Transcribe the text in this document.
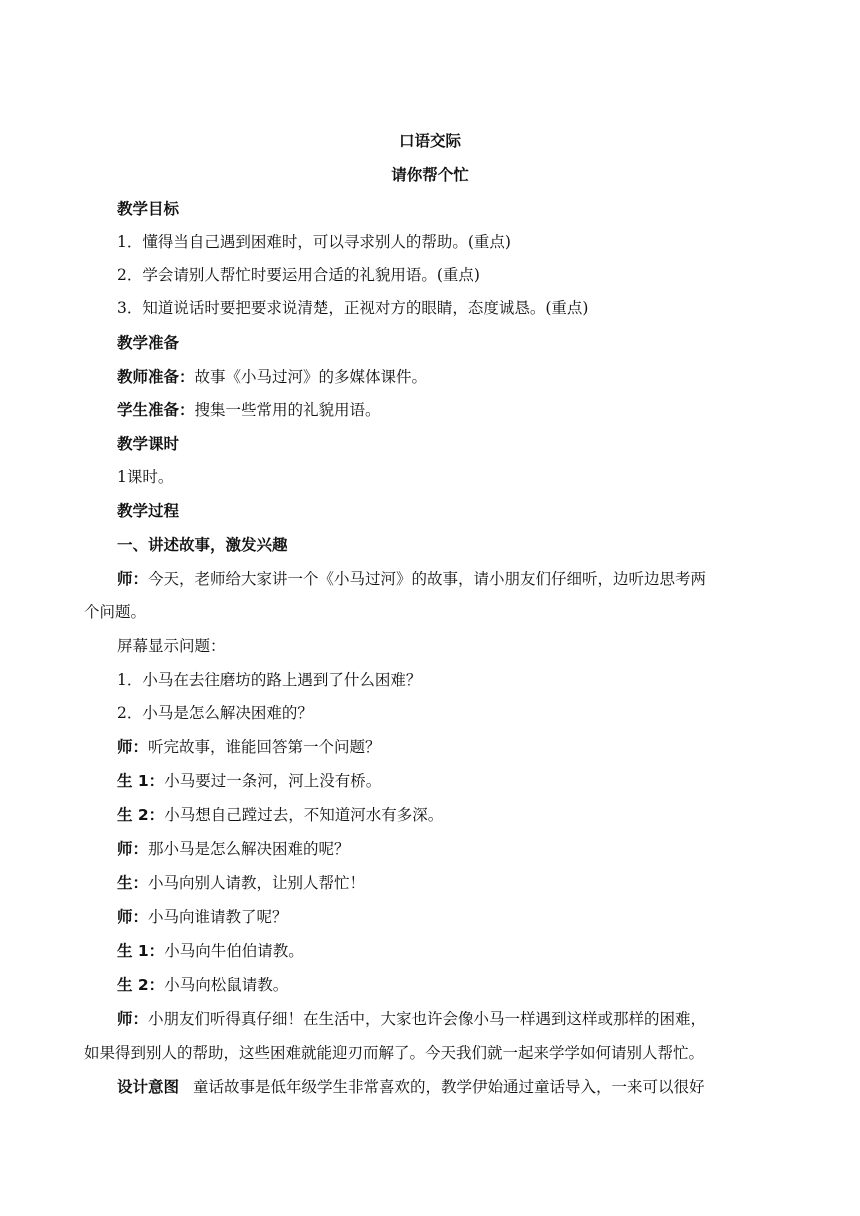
口语交际
请你帮个忙
教学目标
1．懂得当自己遇到困难时，可以寻求别人的帮助。(重点)
2．学会请别人帮忙时要运用合适的礼貌用语。(重点)
3．知道说话时要把要求说清楚，正视对方的眼睛，态度诚恳。(重点)
教学准备
教师准备：故事《小马过河》的多媒体课件。
学生准备：搜集一些常用的礼貌用语。
教学课时
1课时。
教学过程
一、讲述故事，激发兴趣
师：今天，老师给大家讲一个《小马过河》的故事，请小朋友们仔细听，边听边思考两
个问题。
屏幕显示问题：
1．小马在去往磨坊的路上遇到了什么困难？
2．小马是怎么解决困难的？
师：听完故事，谁能回答第一个问题？
生 1：小马要过一条河，河上没有桥。
生 2：小马想自己蹚过去，不知道河水有多深。
师：那小马是怎么解决困难的呢？
生：小马向别人请教，让别人帮忙！
师：小马向谁请教了呢？
生 1：小马向牛伯伯请教。
生 2：小马向松鼠请教。
师：小朋友们听得真仔细！在生活中，大家也许会像小马一样遇到这样或那样的困难，
如果得到别人的帮助，这些困难就能迎刃而解了。今天我们就一起来学学如何请别人帮忙。
设计意图 童话故事是低年级学生非常喜欢的，教学伊始通过童话导入，一来可以很好
